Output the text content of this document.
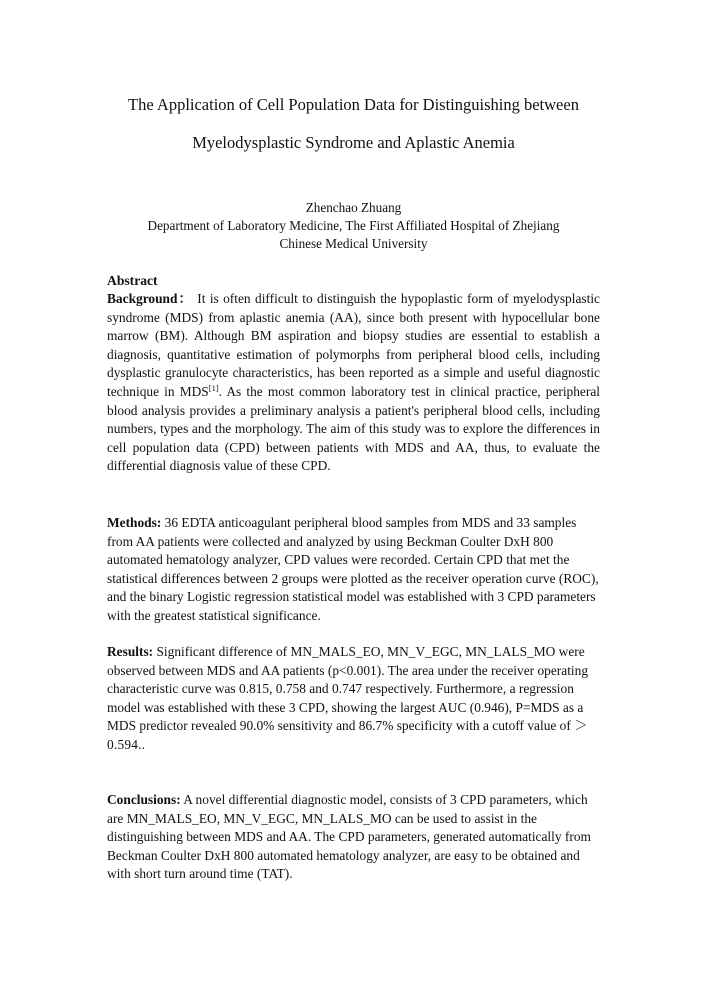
The Application of Cell Population Data for Distinguishing between
Myelodysplastic Syndrome and Aplastic Anemia
Zhenchao Zhuang
Department of Laboratory Medicine, The First Affiliated Hospital of Zhejiang
Chinese Medical University
Abstract

Background： It is often difficult to distinguish the hypoplastic form of myelodysplastic syndrome (MDS) from aplastic anemia (AA), since both present with hypocellular bone marrow (BM). Although BM aspiration and biopsy studies are essential to establish a diagnosis, quantitative estimation of polymorphs from peripheral blood cells, including dysplastic granulocyte characteristics, has been reported as a simple and useful diagnostic technique in MDS[1]. As the most common laboratory test in clinical practice, peripheral blood analysis provides a preliminary analysis a patient's peripheral blood cells, including numbers, types and the morphology. The aim of this study was to explore the differences in cell population data (CPD) between patients with MDS and AA, thus, to evaluate the differential diagnosis value of these CPD.

Methods: 36 EDTA anticoagulant peripheral blood samples from MDS and 33 samples from AA patients were collected and analyzed by using Beckman Coulter DxH 800 automated hematology analyzer, CPD values were recorded. Certain CPD that met the statistical differences between 2 groups were plotted as the receiver operation curve (ROC), and the binary Logistic regression statistical model was established with 3 CPD parameters with the greatest statistical significance.

Results: Significant difference of MN_MALS_EO, MN_V_EGC, MN_LALS_MO were observed between MDS and AA patients (p<0.001). The area under the receiver operating characteristic curve was 0.815, 0.758 and 0.747 respectively. Furthermore, a regression model was established with these 3 CPD, showing the largest AUC (0.946), P=MDS as a MDS predictor revealed 90.0% sensitivity and 86.7% specificity with a cutoff value of ＞0.594..

Conclusions: A novel differential diagnostic model, consists of 3 CPD parameters, which are MN_MALS_EO, MN_V_EGC, MN_LALS_MO can be used to assist in the distinguishing between MDS and AA. The CPD parameters, generated automatically from Beckman Coulter DxH 800 automated hematology analyzer, are easy to be obtained and with short turn around time (TAT).
